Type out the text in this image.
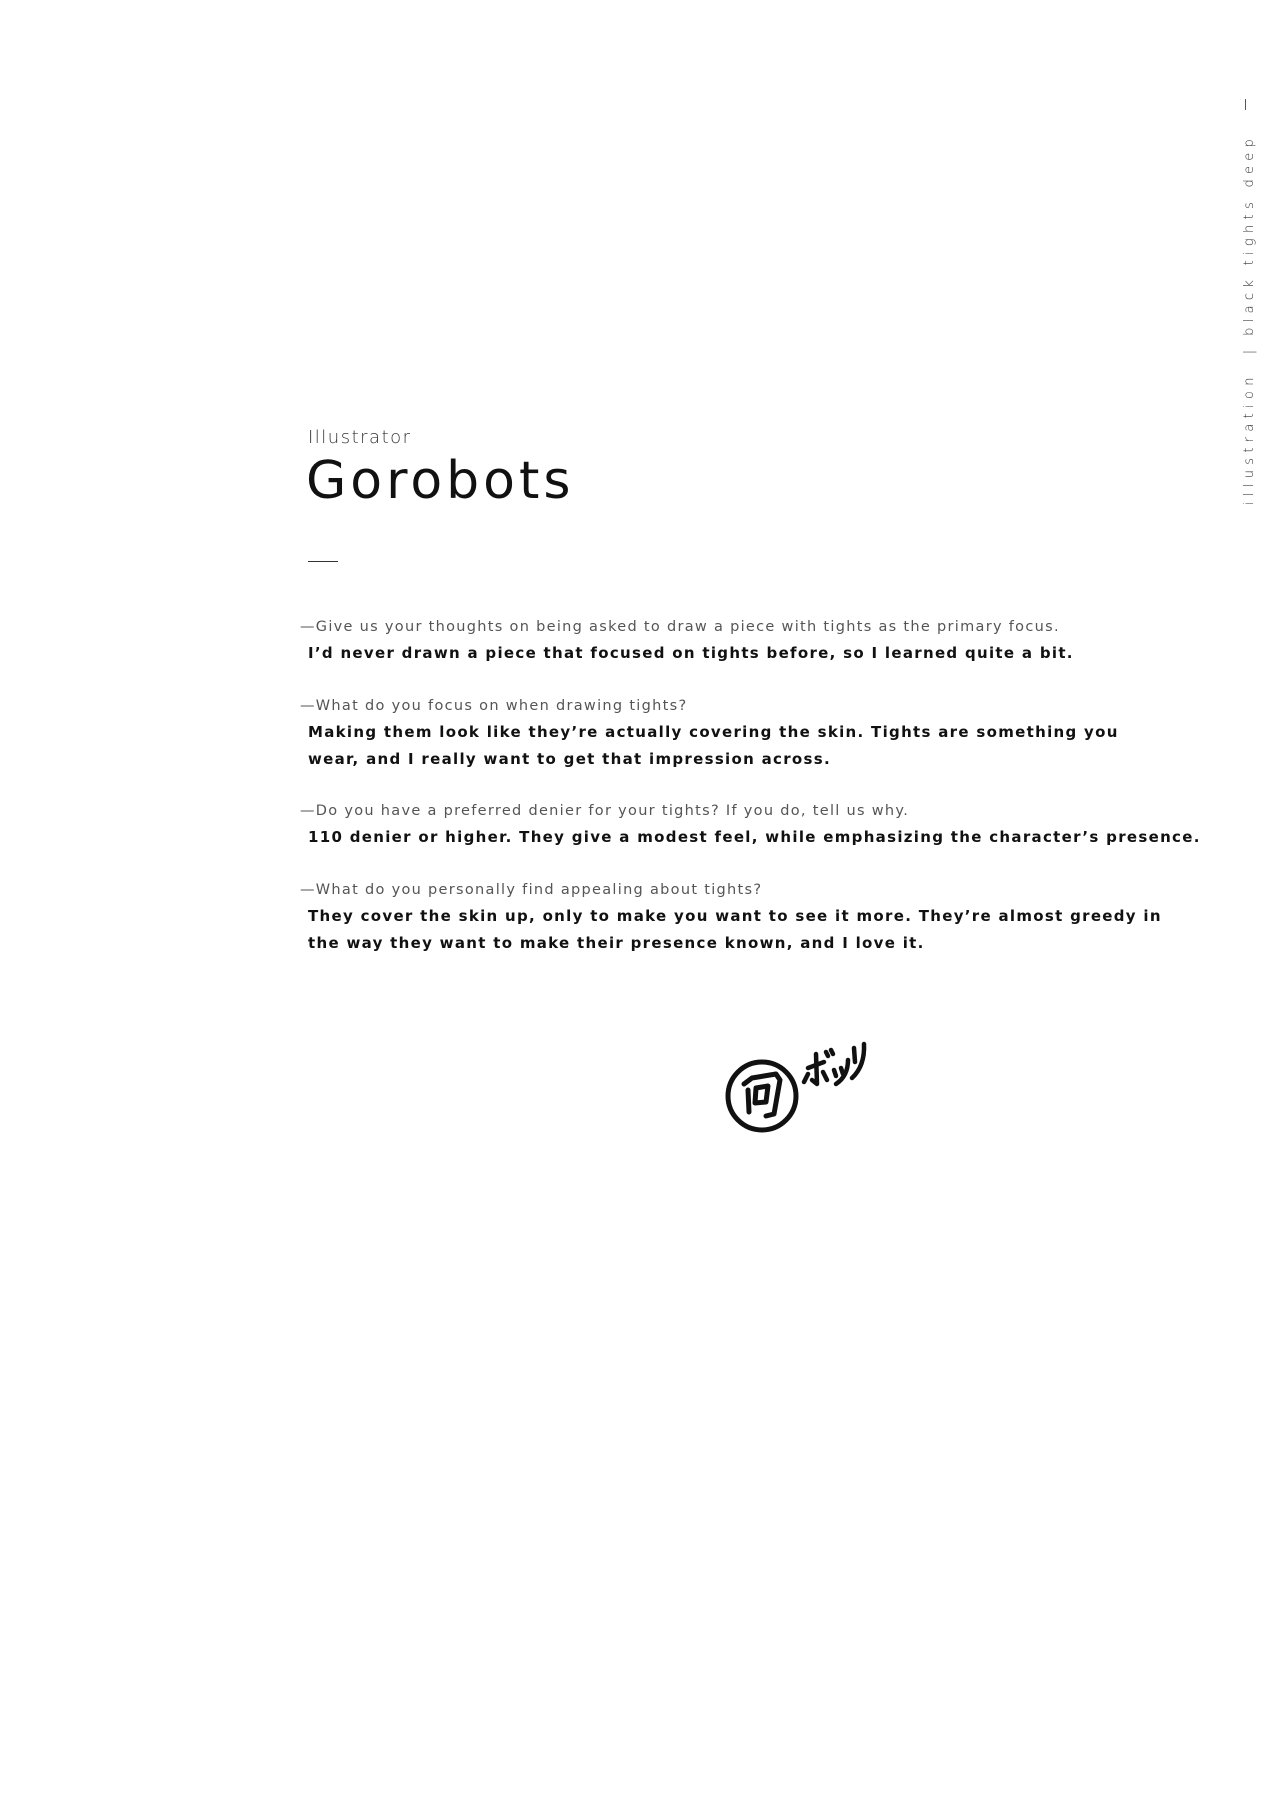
illustration
|
black tights deep
Illustrator
Gorobots
—Give us your thoughts on being asked to draw a piece with tights as the primary focus.
I’d never drawn a piece that focused on tights before, so I learned quite a bit.
—What do you focus on when drawing tights?
Making them look like they’re actually covering the skin. Tights are something you
wear, and I really want to get that impression across.
—Do you have a preferred denier for your tights? If you do, tell us why.
110 denier or higher. They give a modest feel, while emphasizing the character’s presence.
—What do you personally find appealing about tights?
They cover the skin up, only to make you want to see it more. They’re almost greedy in
the way they want to make their presence known, and I love it.
